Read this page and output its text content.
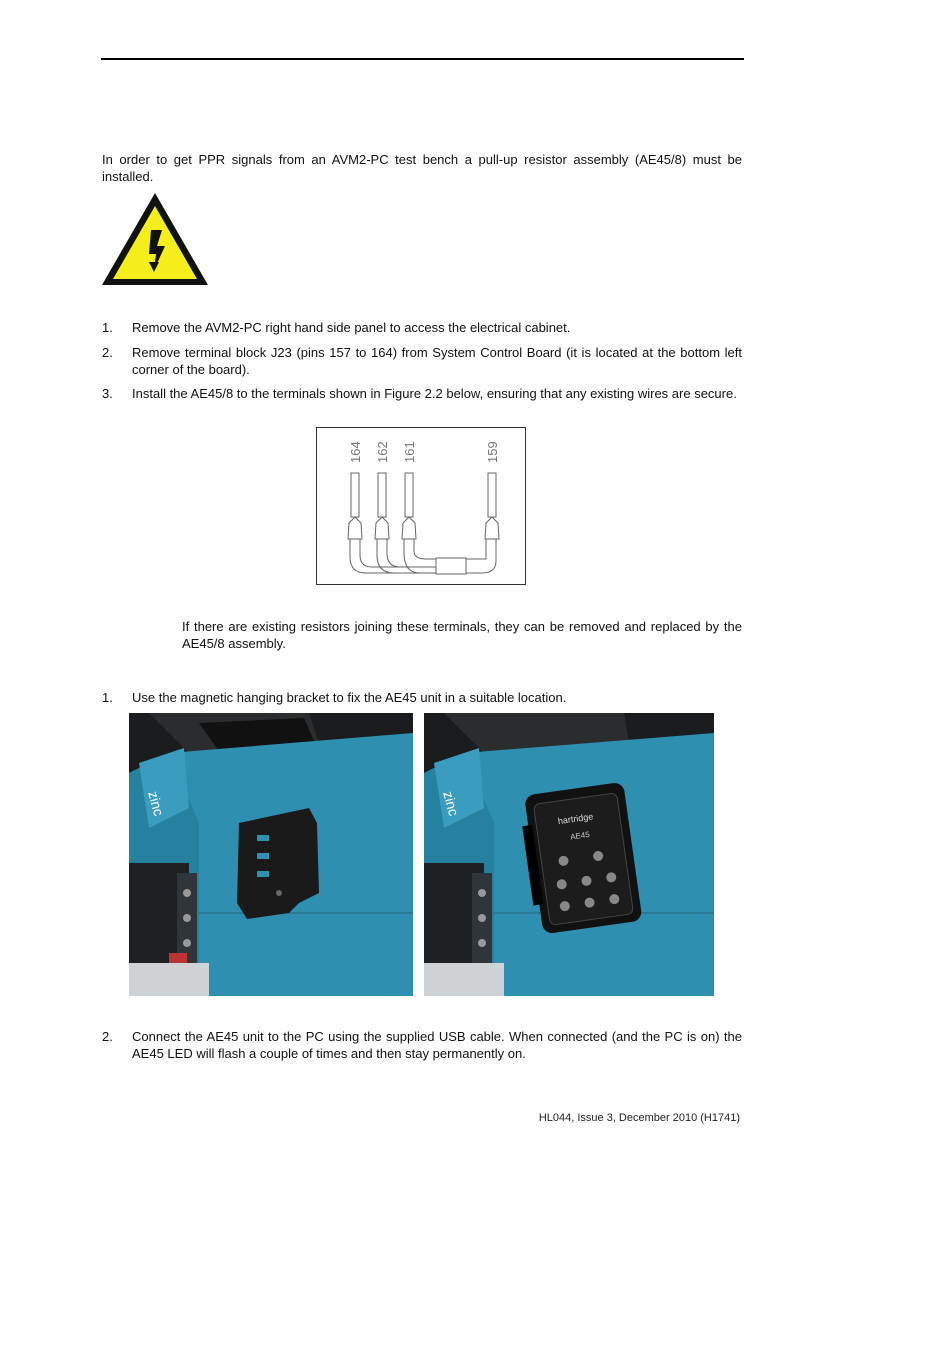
In order to get PPR signals from an AVM2-PC test bench a pull-up resistor assembly (AE45/8) must be installed.

1. Remove the AVM2-PC right hand side panel to access the electrical cabinet.
2. Remove terminal block J23 (pins 157 to 164) from System Control Board (it is located at the bottom left corner of the board).
3. Install the AE45/8 to the terminals shown in Figure 2.2 below, ensuring that any existing wires are secure.
164 162 161	159

If there are existing resistors joining these terminals, they can be removed and replaced by the AE45/8 assembly.

1. Use the magnetic hanging bracket to fix the AE45 unit in a suitable location.
zinc	zinc
hartridge
AE45
2. Connect the AE45 unit to the PC using the supplied USB cable. When connected (and the PC is on) the AE45 LED will flash a couple of times and then stay permanently on.
HL044, Issue 3, December 2010 (H1741)
